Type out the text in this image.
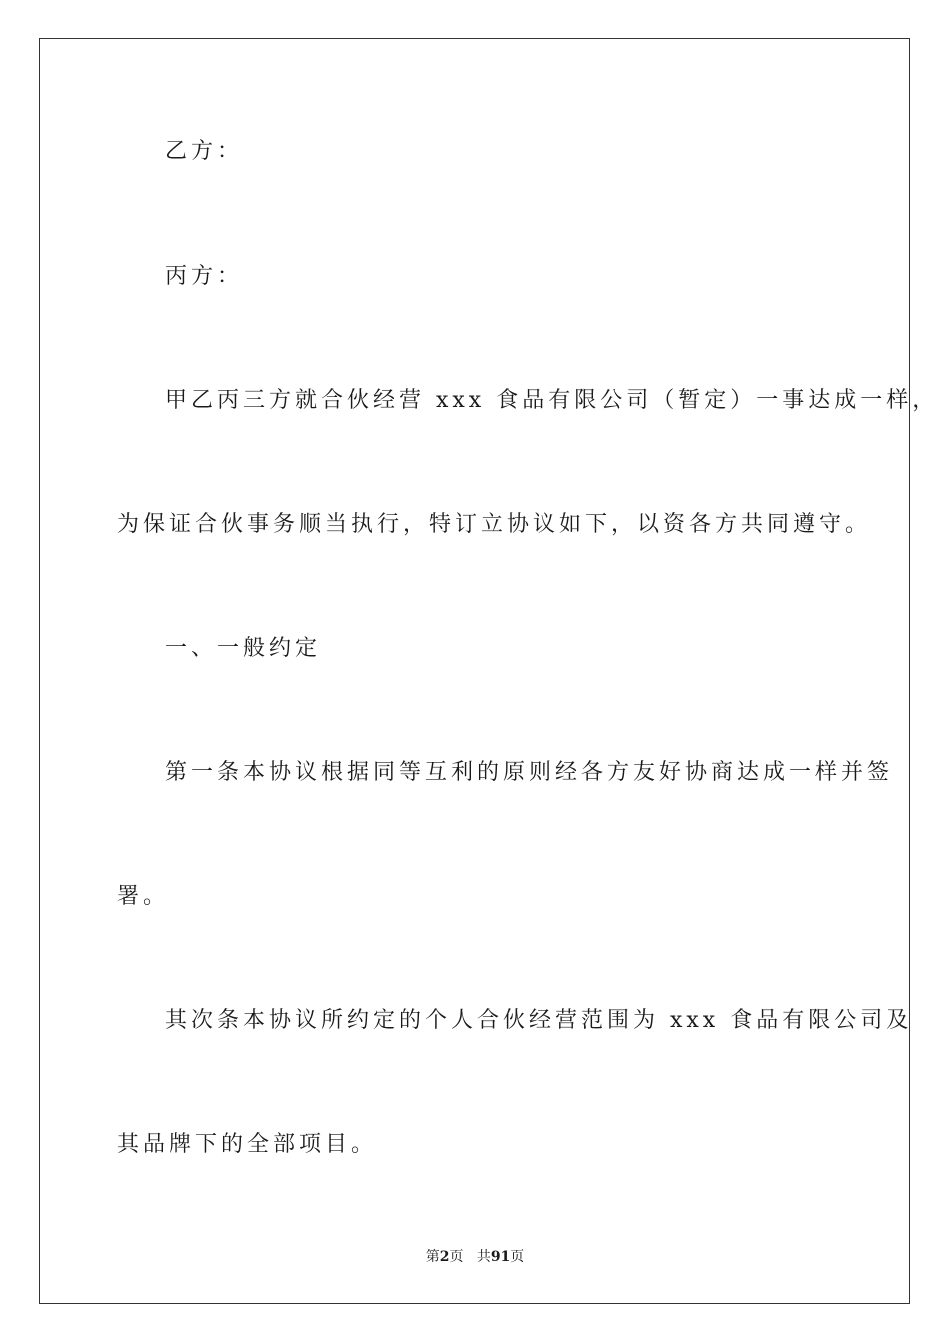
乙方：
丙方：
甲乙丙三方就合伙经营 xxx 食品有限公司（暂定）一事达成一样，
为保证合伙事务顺当执行，特订立协议如下，以资各方共同遵守。
一、一般约定
第一条本协议根据同等互利的原则经各方友好协商达成一样并签
署。
其次条本协议所约定的个人合伙经营范围为 xxx 食品有限公司及
其品牌下的全部项目。
第2页 共91页
